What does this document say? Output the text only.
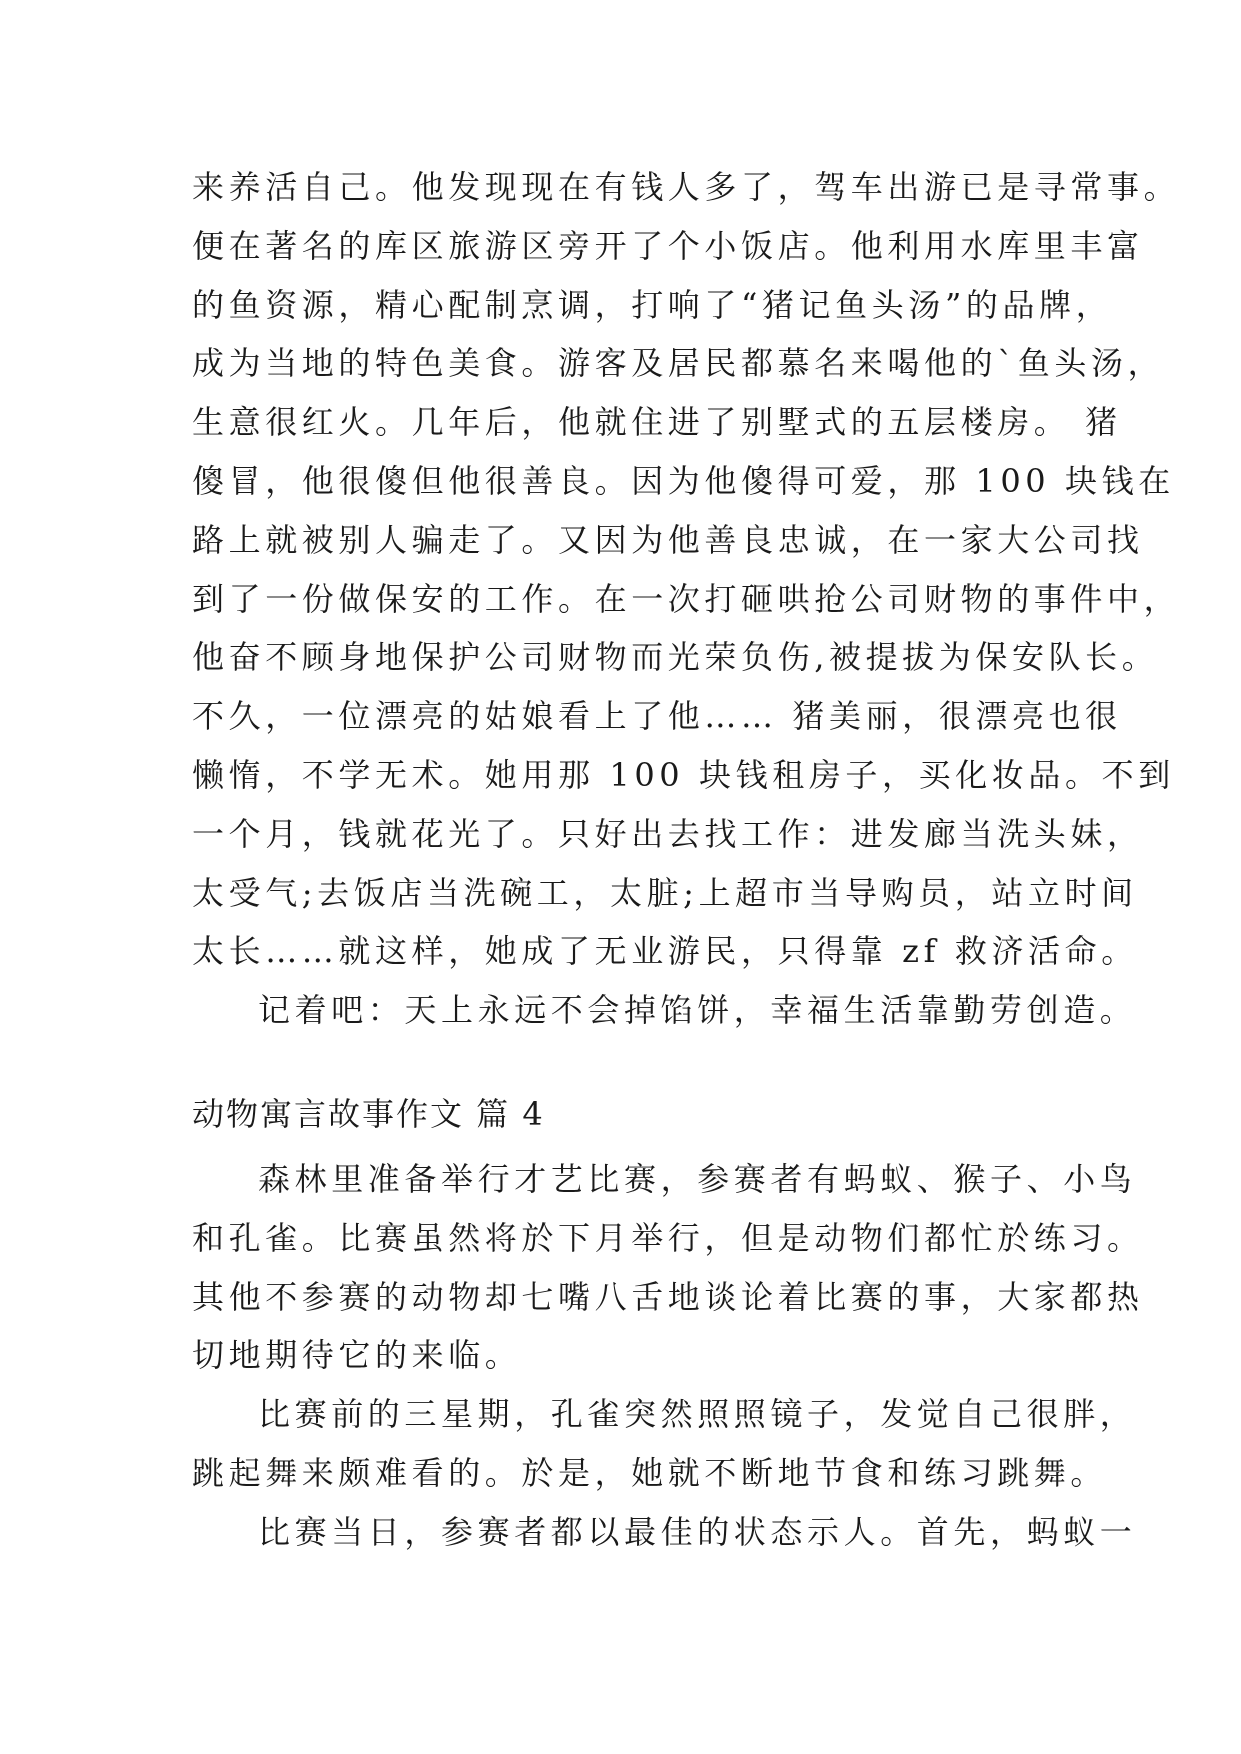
来养活自己。他发现现在有钱人多了，驾车出游已是寻常事。
便在著名的库区旅游区旁开了个小饭店。他利用水库里丰富
的鱼资源，精心配制烹调，打响了“猪记鱼头汤”的品牌，
成为当地的特色美食。游客及居民都慕名来喝他的`鱼头汤，
生意很红火。几年后，他就住进了别墅式的五层楼房。 猪
傻冒，他很傻但他很善良。因为他傻得可爱，那 100 块钱在
路上就被别人骗走了。又因为他善良忠诚，在一家大公司找
到了一份做保安的工作。在一次打砸哄抢公司财物的事件中，
他奋不顾身地保护公司财物而光荣负伤,被提拔为保安队长。
不久，一位漂亮的姑娘看上了他…… 猪美丽，很漂亮也很
懒惰，不学无术。她用那 100 块钱租房子，买化妆品。不到
一个月，钱就花光了。只好出去找工作：进发廊当洗头妹，
太受气;去饭店当洗碗工，太脏;上超市当导购员，站立时间
太长……就这样，她成了无业游民，只得靠 zf 救济活命。
记着吧：天上永远不会掉馅饼，幸福生活靠勤劳创造。
动物寓言故事作文 篇 4
森林里准备举行才艺比赛，参赛者有蚂蚁、猴子、小鸟
和孔雀。比赛虽然将於下月举行，但是动物们都忙於练习。
其他不参赛的动物却七嘴八舌地谈论着比赛的事，大家都热
切地期待它的来临。
比赛前的三星期，孔雀突然照照镜子，发觉自己很胖，
跳起舞来颇难看的。於是，她就不断地节食和练习跳舞。
比赛当日，参赛者都以最佳的状态示人。首先，蚂蚁一
